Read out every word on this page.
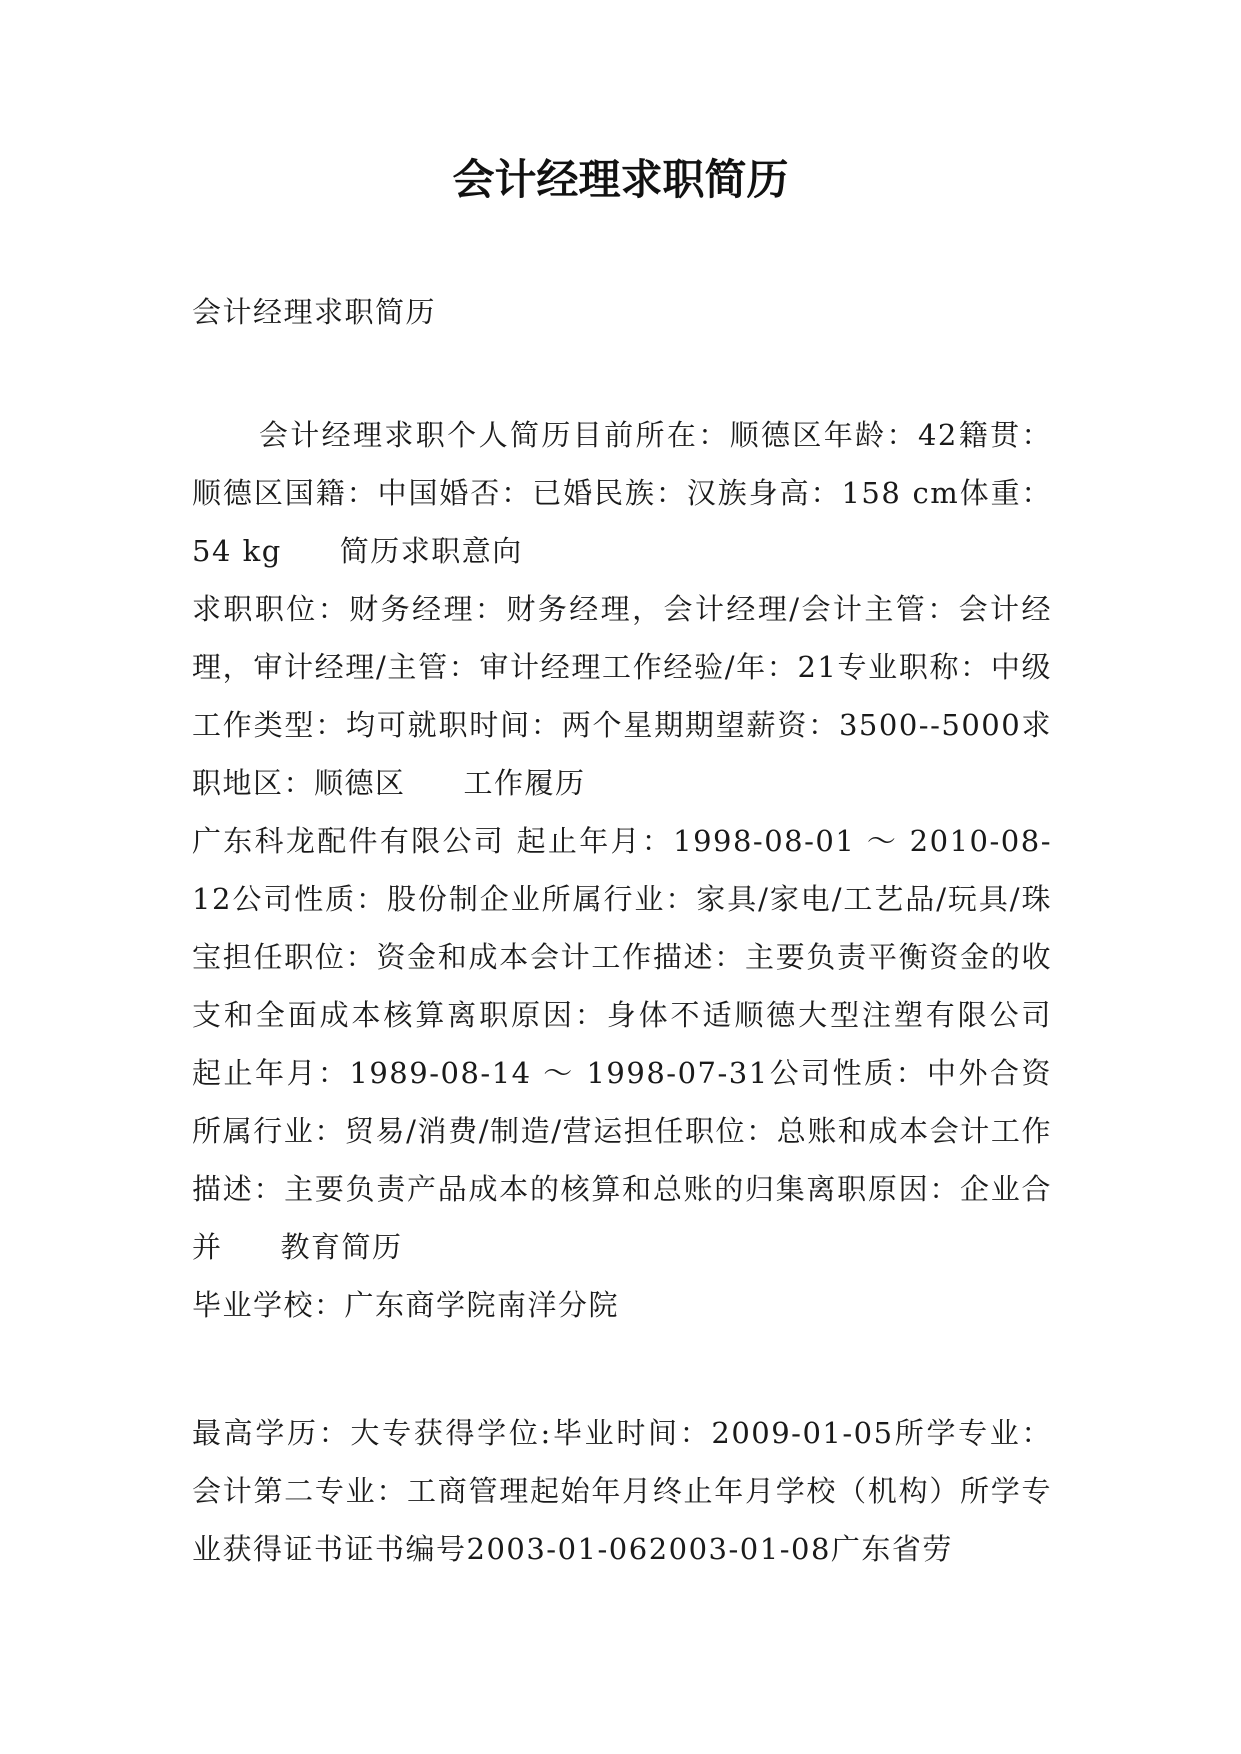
会计经理求职简历

会计经理求职简历

会计经理求职个人简历目前所在：顺德区年龄：42籍贯：顺德区国籍：中国婚否：已婚民族：汉族身高：158 cm体重：54 kg 简历求职意向
求职职位：财务经理：财务经理，会计经理/会计主管：会计经理，审计经理/主管：审计经理工作经验/年：21专业职称：中级工作类型：均可就职时间：两个星期期望薪资：3500--5000求职地区：顺德区 工作履历
广东科龙配件有限公司 起止年月：1998-08-01 ～ 2010-08-12公司性质：股份制企业所属行业：家具/家电/工艺品/玩具/珠宝担任职位：资金和成本会计工作描述：主要负责平衡资金的收支和全面成本核算离职原因：身体不适顺德大型注塑有限公司 起止年月：1989-08-14 ～ 1998-07-31公司性质：中外合资所属行业：贸易/消费/制造/营运担任职位：总账和成本会计工作描述：主要负责产品成本的核算和总账的归集离职原因：企业合并 教育简历
毕业学校：广东商学院南洋分院

最高学历：大专获得学位:毕业时间：2009-01-05所学专业：会计第二专业：工商管理起始年月终止年月学校（机构）所学专业获得证书证书编号2003-01-062003-01-08广东省劳
